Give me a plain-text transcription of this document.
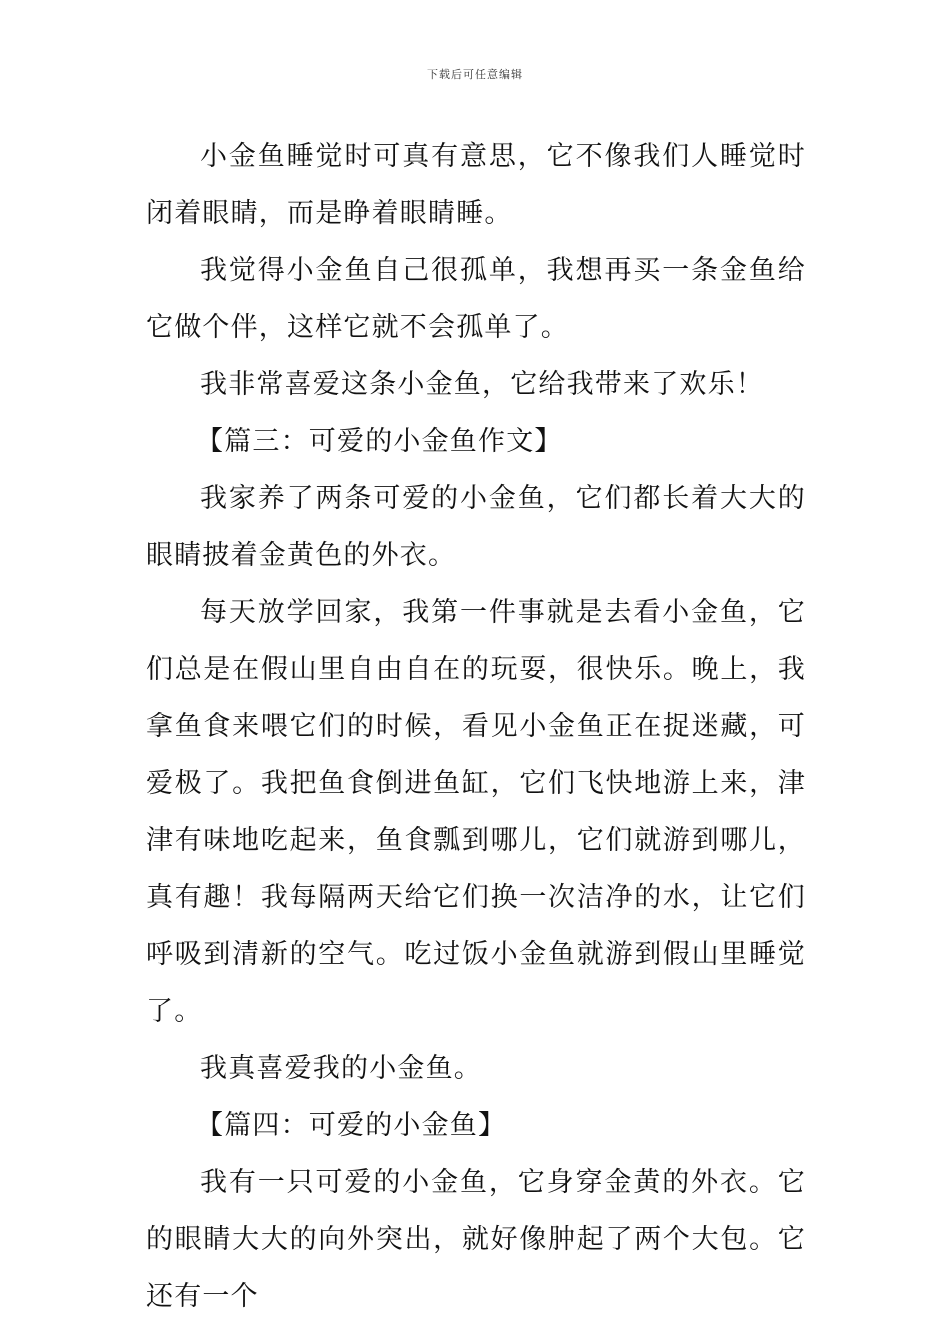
下载后可任意编辑

小金鱼睡觉时可真有意思，它不像我们人睡觉时闭着眼睛，而是睁着眼睛睡。

我觉得小金鱼自己很孤单，我想再买一条金鱼给它做个伴，这样它就不会孤单了。

我非常喜爱这条小金鱼，它给我带来了欢乐！

【篇三：可爱的小金鱼作文】

我家养了两条可爱的小金鱼，它们都长着大大的眼睛披着金黄色的外衣。

每天放学回家，我第一件事就是去看小金鱼，它们总是在假山里自由自在的玩耍，很快乐。晚上，我拿鱼食来喂它们的时候，看见小金鱼正在捉迷藏，可爱极了。我把鱼食倒进鱼缸，它们飞快地游上来，津津有味地吃起来，鱼食瓢到哪儿，它们就游到哪儿，真有趣！我每隔两天给它们换一次洁净的水，让它们呼吸到清新的空气。吃过饭小金鱼就游到假山里睡觉了。

我真喜爱我的小金鱼。

【篇四：可爱的小金鱼】

我有一只可爱的小金鱼，它身穿金黄的外衣。它的眼睛大大的向外突出，就好像肿起了两个大包。它还有一个
